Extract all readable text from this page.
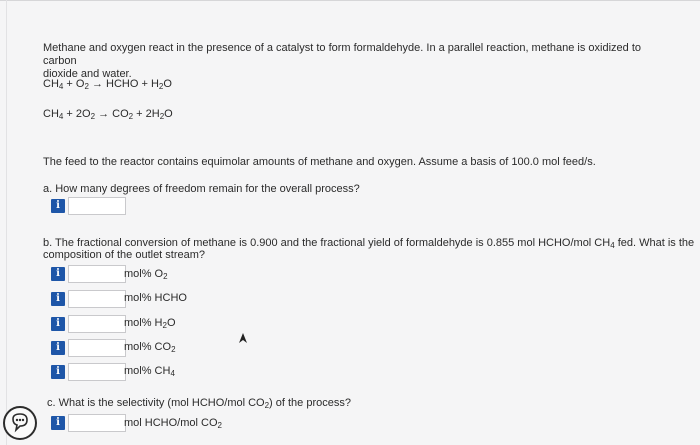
Methane and oxygen react in the presence of a catalyst to form formaldehyde. In a parallel reaction, methane is oxidized to carbon
dioxide and water.
$CH_4 + O_2$ → HCHO + $H_2O$
$CH_4 + 2O_2 \to CO_2 + 2H_2O$
The feed to the reactor contains equimolar amounts of methane and oxygen. Assume a basis of 100.0 mol feed/s.
a. How many degrees of freedom remain for the overall process?
i
b. The fractional conversion of methane is 0.900 and the fractional yield of formaldehyde is 0.855 mol HCHO/mol $CH_4$ fed. What is the
composition of the outlet stream?
i	mol% $O_2$
i	mol% HCHO
i	mol% $H_2O$
i	mol% $CO_2$
i	mol% $CH_4$
c. What is the selectivity (mol HCHO/mol $CO_2$) of the process?
i	mol HCHO/mol $CO_2$
